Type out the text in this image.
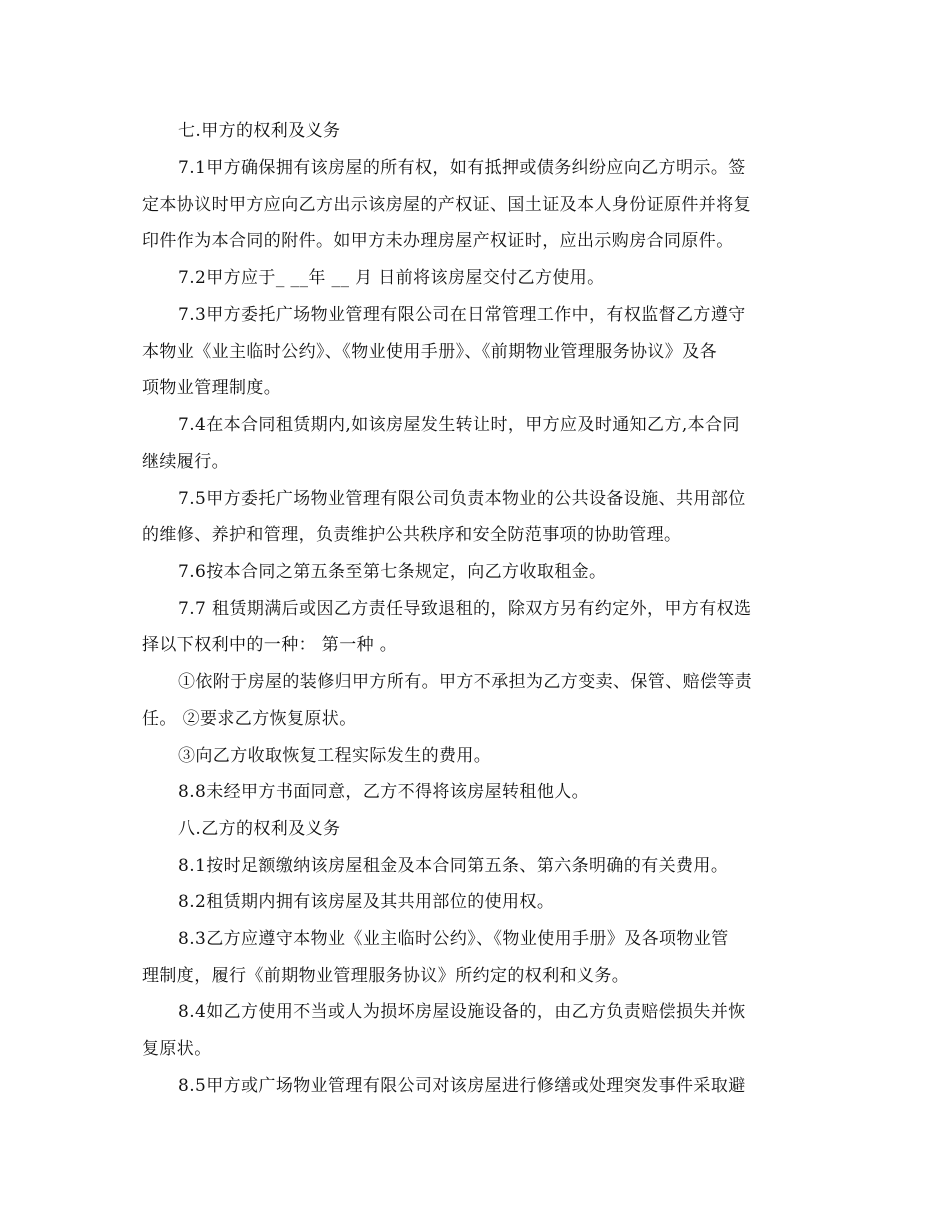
七.甲方的权利及义务
7.1甲方确保拥有该房屋的所有权，如有抵押或债务纠纷应向乙方明示。签
定本协议时甲方应向乙方出示该房屋的产权证、国土证及本人身份证原件并将复
印件作为本合同的附件。如甲方未办理房屋产权证时，应出示购房合同原件。
7.2甲方应于_ __年 __ 月 日前将该房屋交付乙方使用。
7.3甲方委托广场物业管理有限公司在日常管理工作中，有权监督乙方遵守
本物业《业主临时公约》、《物业使用手册》、《前期物业管理服务协议》及各
项物业管理制度。
7.4在本合同租赁期内,如该房屋发生转让时，甲方应及时通知乙方,本合同
继续履行。
7.5甲方委托广场物业管理有限公司负责本物业的公共设备设施、共用部位
的维修、养护和管理，负责维护公共秩序和安全防范事项的协助管理。
7.6按本合同之第五条至第七条规定，向乙方收取租金。
7.7 租赁期满后或因乙方责任导致退租的，除双方另有约定外，甲方有权选
择以下权利中的一种： 第一种 。
①依附于房屋的装修归甲方所有。甲方不承担为乙方变卖、保管、赔偿等责
任。 ②要求乙方恢复原状。
③向乙方收取恢复工程实际发生的费用。
8.8未经甲方书面同意，乙方不得将该房屋转租他人。
八.乙方的权利及义务
8.1按时足额缴纳该房屋租金及本合同第五条、第六条明确的有关费用。
8.2租赁期内拥有该房屋及其共用部位的使用权。
8.3乙方应遵守本物业《业主临时公约》、《物业使用手册》及各项物业管
理制度，履行《前期物业管理服务协议》所约定的权利和义务。
8.4如乙方使用不当或人为损坏房屋设施设备的，由乙方负责赔偿损失并恢
复原状。
8.5甲方或广场物业管理有限公司对该房屋进行修缮或处理突发事件采取避
